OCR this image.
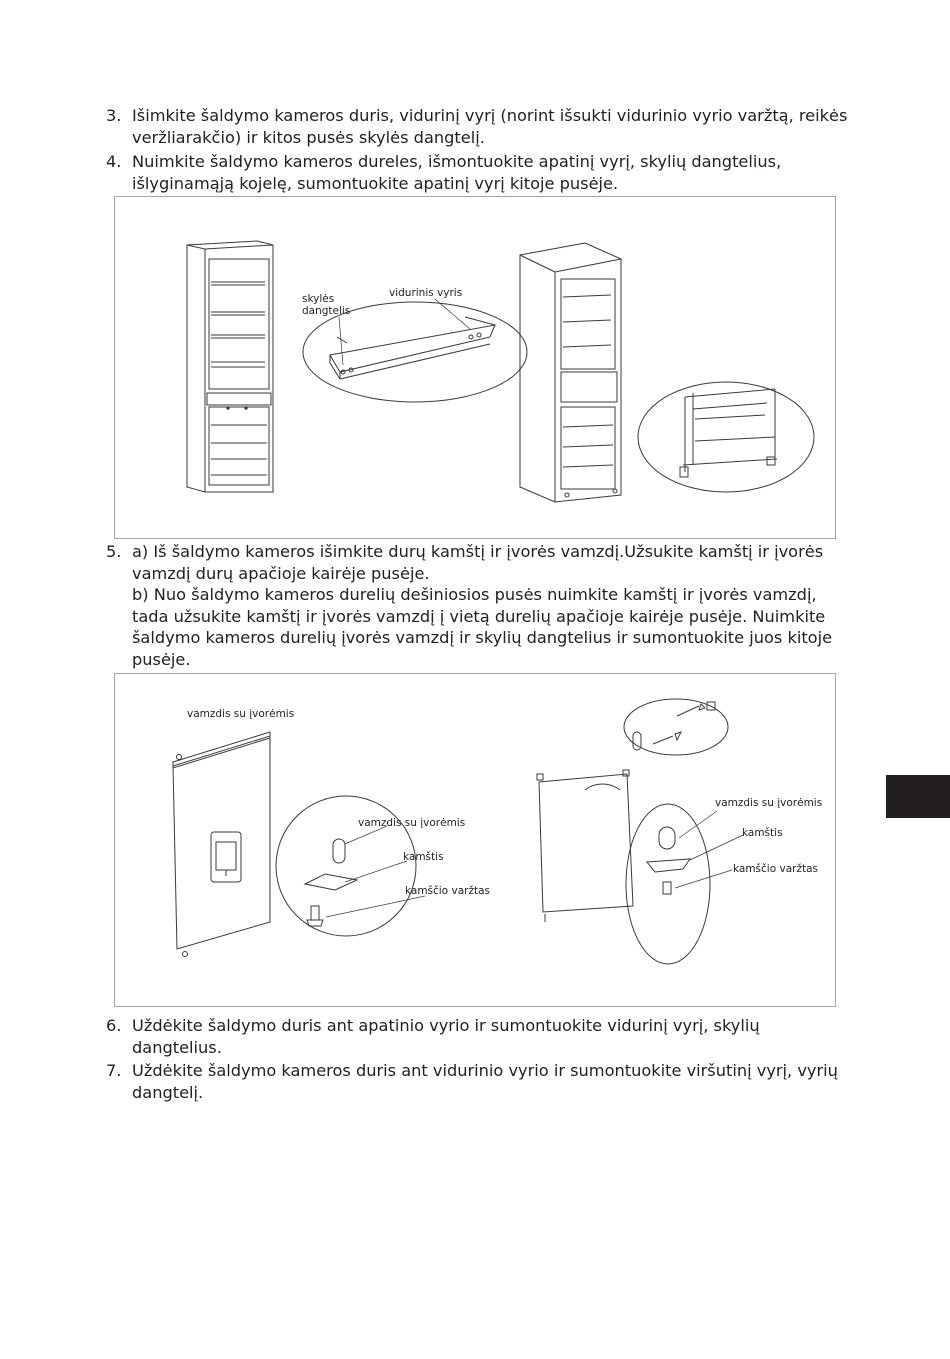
3. Išimkite šaldymo kameros duris, vidurinį vyrį (norint išsukti vidurinio vyrio varžtą, reikės veržliarakčio) ir kitos pusės skylės dangtelį.
4. Nuimkite šaldymo kameros dureles, išmontuokite apatinį vyrį, skylių dangtelius, išlyginamąją kojelę, sumontuokite apatinį vyrį kitoje pusėje.
skylės
dangtelis
vidurinis vyris
5. a) Iš šaldymo kameros išimkite durų kamštį ir įvorės vamzdį.Užsukite kamštį ir įvorės vamzdį durų apačioje kairėje pusėje.
b) Nuo šaldymo kameros durelių dešiniosios pusės nuimkite kamštį ir įvorės vamzdį, tada užsukite kamštį ir įvorės vamzdį į vietą durelių apačioje kairėje pusėje. Nuimkite šaldymo kameros durelių įvorės vamzdį ir skylių dangtelius ir sumontuokite juos kitoje pusėje.
vamzdis su įvorėmis
vamzdis su įvorėmis
kamštis
kamščio varžtas
vamzdis su įvorėmis
kamštis
kamščio varžtas
6. Uždėkite šaldymo duris ant apatinio vyrio ir sumontuokite vidurinį vyrį, skylių dangtelius.
7. Uždėkite šaldymo kameros duris ant vidurinio vyrio ir sumontuokite viršutinį vyrį, vyrių dangtelį.
